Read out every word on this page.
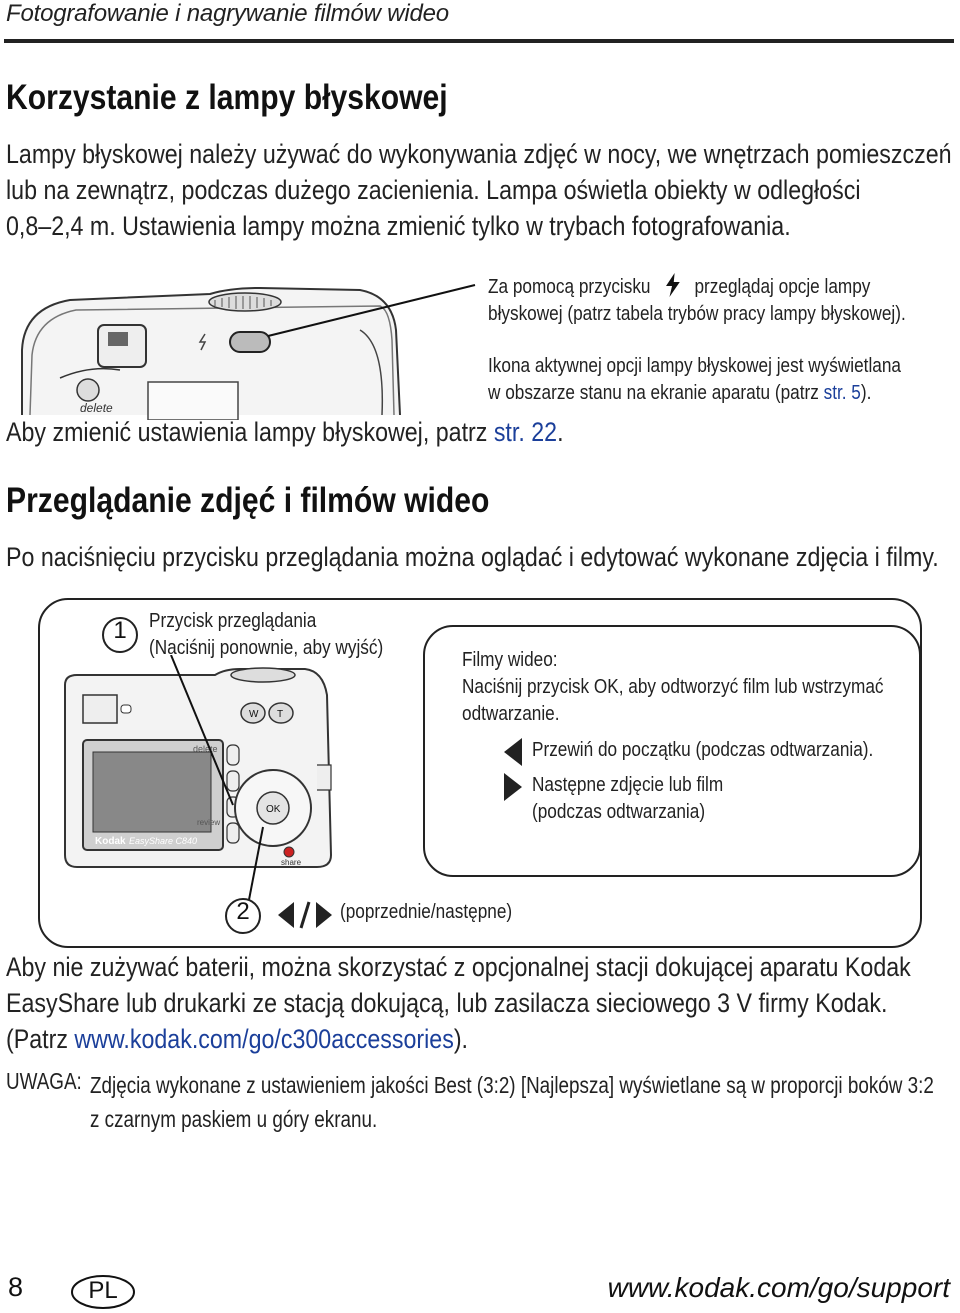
Fotografowanie i nagrywanie filmów wideo
Korzystanie z lampy błyskowej
Lampy błyskowej należy używać do wykonywania zdjęć w nocy, we wnętrzach pomieszczeń
lub na zewnątrz, podczas dużego zacienienia. Lampa oświetla obiekty w odległości
0,8–2,4 m. Ustawienia lampy można zmienić tylko w trybach fotografowania.
delete
Za pomocą przycisku przeglądaj opcje lampy
błyskowej (patrz tabela trybów pracy lampy błyskowej).
Ikona aktywnej opcji lampy błyskowej jest wyświetlana
w obszarze stanu na ekranie aparatu (patrz str. 5).
Aby zmienić ustawienia lampy błyskowej, patrz str. 22.
Przeglądanie zdjęć i filmów wideo
Po naciśnięciu przycisku przeglądania można oglądać i edytować wykonane zdjęcia i filmy.
1	Przycisk przeglądania
(Naciśnij ponownie, aby wyjść)
Kodak EasyShare C840
W T
delete
review
OK
share
Filmy wideo:
Naciśnij przycisk OK, aby odtworzyć film lub wstrzymać
odtwarzanie.
Przewiń do początku (podczas odtwarzania).
Następne zdjęcie lub film
(podczas odtwarzania)
2	(poprzednie/następne)
Aby nie zużywać baterii, można skorzystać z opcjonalnej stacji dokującej aparatu Kodak
EasyShare lub drukarki ze stacją dokującą, lub zasilacza sieciowego 3 V firmy Kodak.
(Patrz www.kodak.com/go/c300accessories).
UWAGA: Zdjęcia wykonane z ustawieniem jakości Best (3:2) [Najlepsza] wyświetlane są w proporcji boków 3:2
z czarnym paskiem u góry ekranu.
8	PL	www.kodak.com/go/support
